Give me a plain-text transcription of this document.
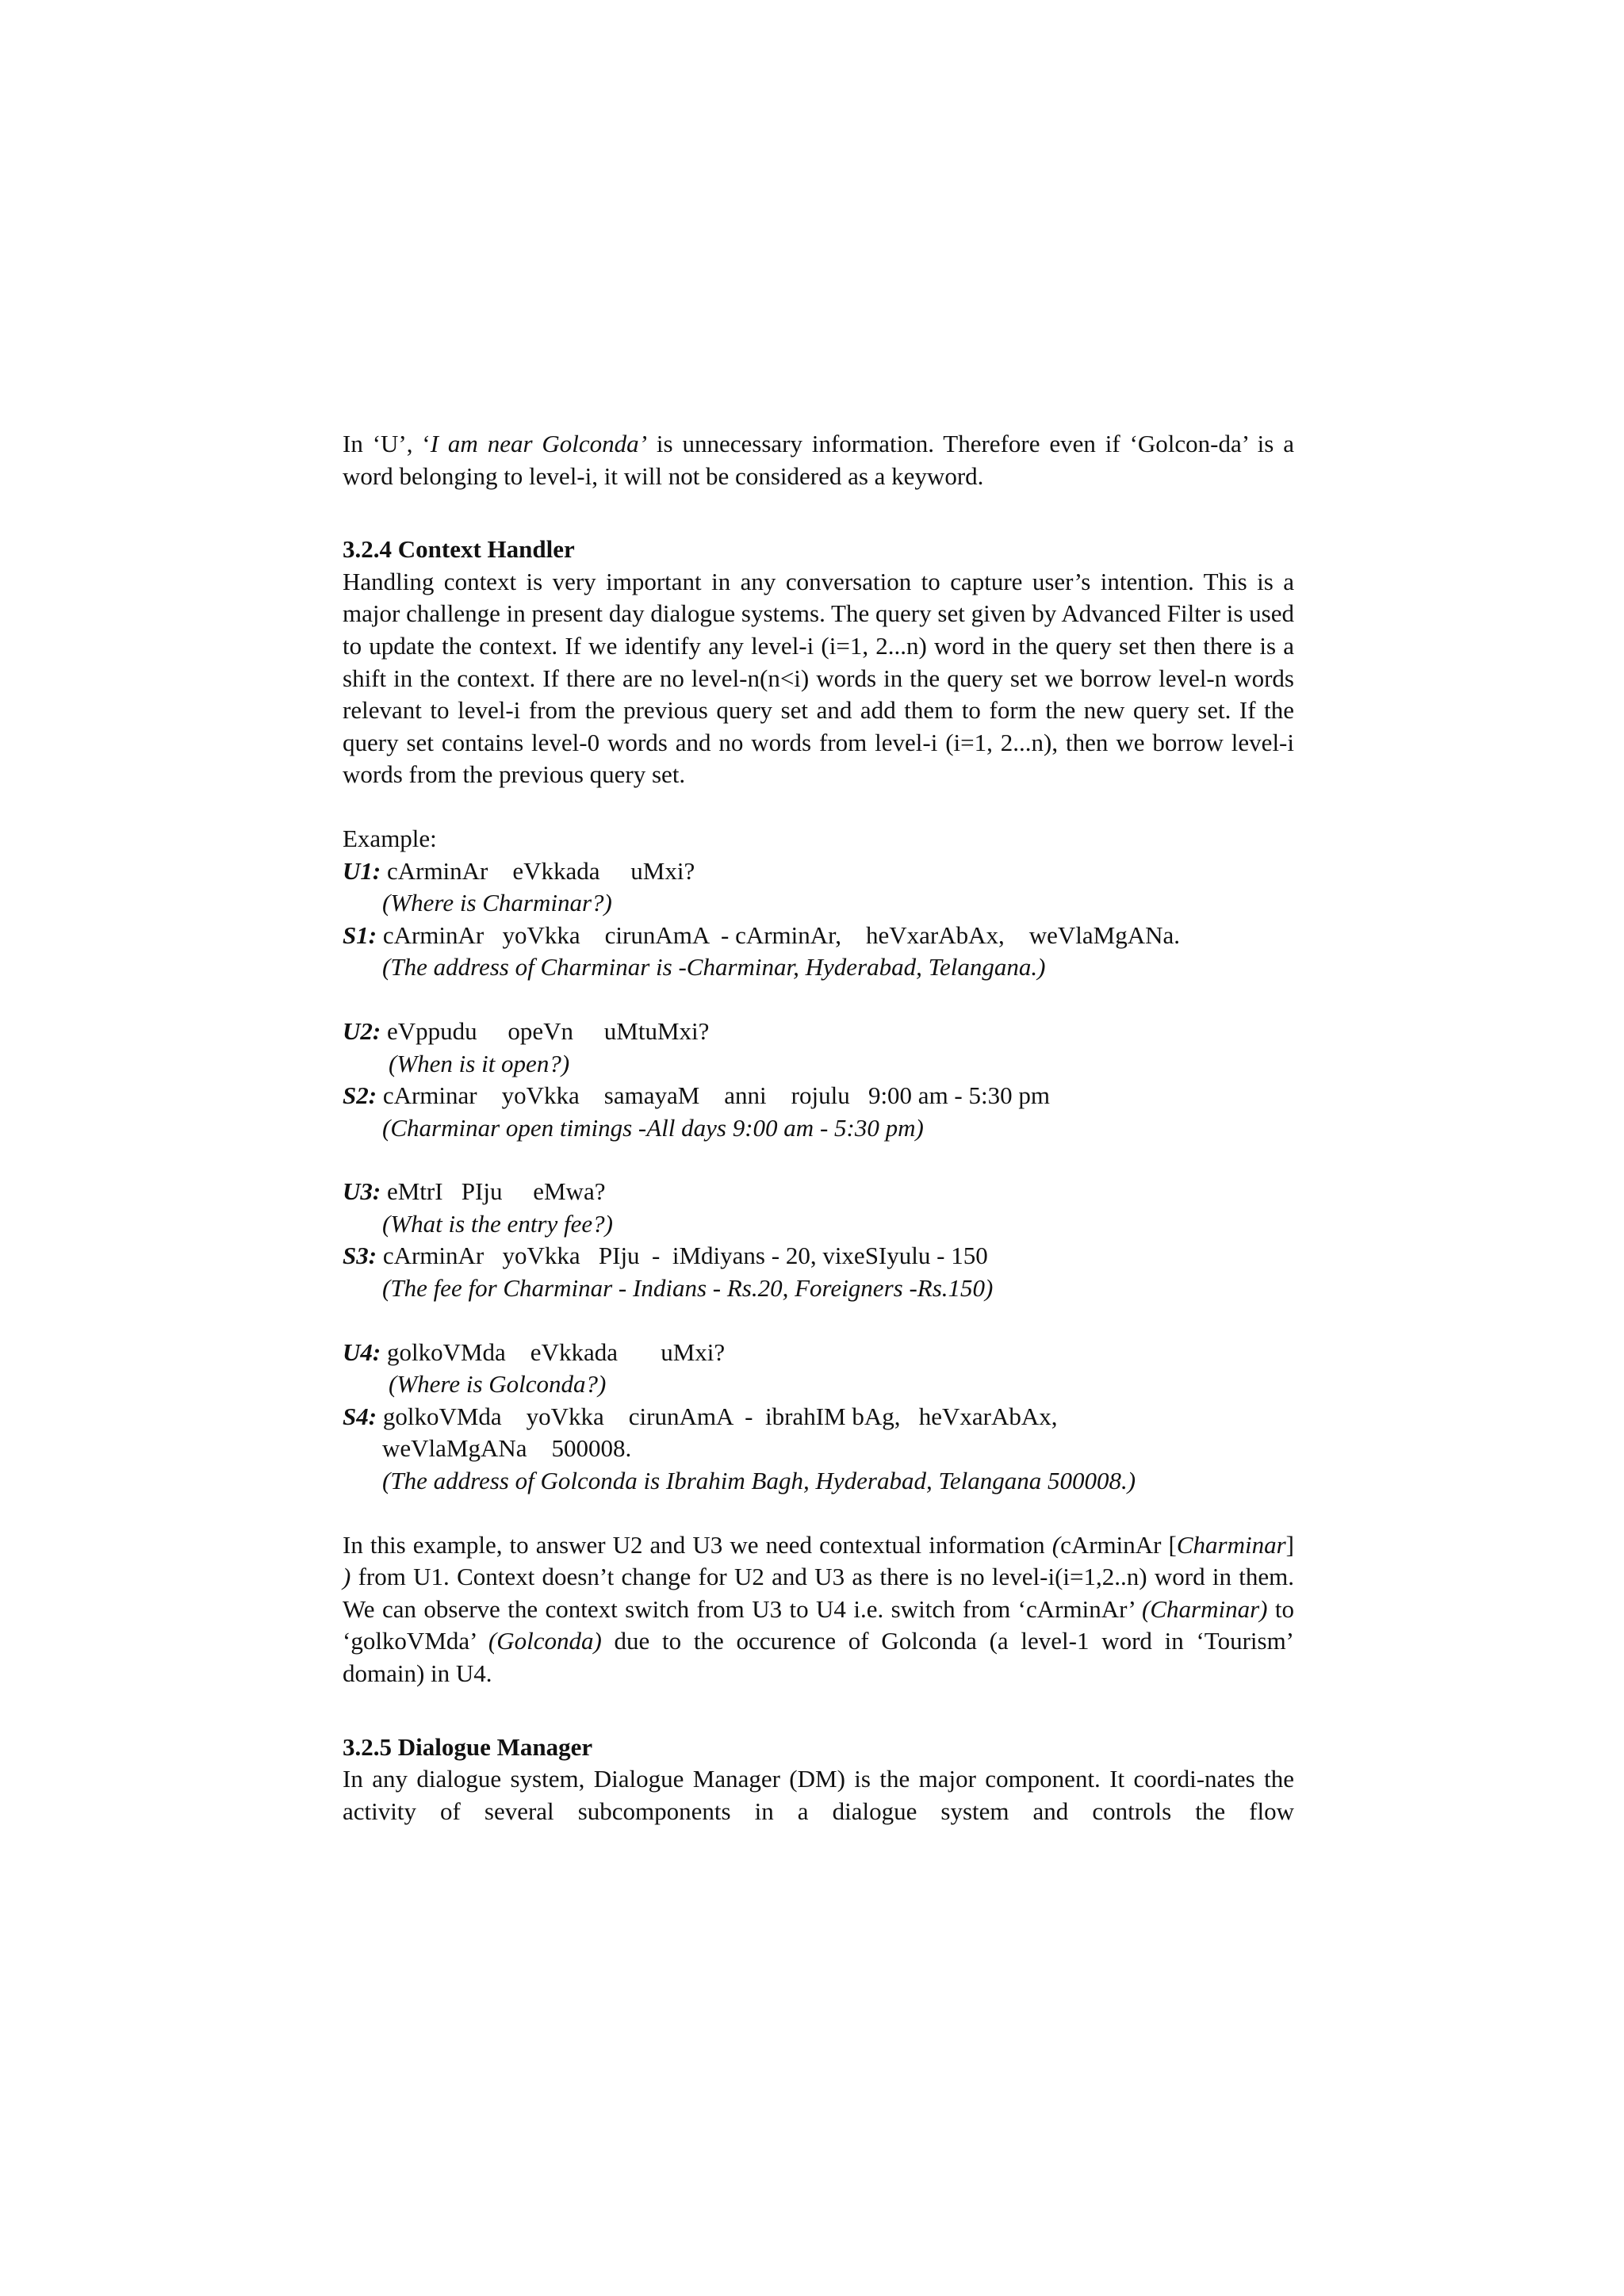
In ‘U’, ‘I am near Golconda’ is unnecessary information. Therefore even if ‘Golcon-da’ is a word belonging to level-i, it will not be considered as a keyword.

3.2.4 Context Handler

Handling context is very important in any conversation to capture user’s intention. This is a major challenge in present day dialogue systems. The query set given by Advanced Filter is used to update the context. If we identify any level-i (i=1, 2...n) word in the query set then there is a shift in the context. If there are no level-n(n<i) words in the query set we borrow level-n words relevant to level-i from the previous query set and add them to form the new query set. If the query set contains level-0 words and no words from level-i (i=1, 2...n), then we borrow level-i words from the previous query set.

Example:

U1: cArminAr    eVkkada     uMxi?

(Where is Charminar?)

S1: cArminAr   yoVkka    cirunAmA  - cArminAr,    heVxarAbAx,    weVlaMgANa.

(The address of Charminar is -Charminar, Hyderabad, Telangana.)

U2: eVppudu     opeVn     uMtuMxi?

(When is it open?)

S2: cArminar    yoVkka    samayaM    anni    rojulu   9:00 am - 5:30 pm

(Charminar open timings -All days 9:00 am - 5:30 pm)

U3: eMtrI   PIju     eMwa?

(What is the entry fee?)

S3: cArminAr   yoVkka   PIju  -  iMdiyans - 20, vixeSIyulu - 150

(The fee for Charminar - Indians - Rs.20, Foreigners -Rs.150)

U4: golkoVMda    eVkkada       uMxi?

(Where is Golconda?)

S4: golkoVMda    yoVkka    cirunAmA  -  ibrahIM bAg,   heVxarAbAx,

weVlaMgANa    500008.

(The address of Golconda is Ibrahim Bagh, Hyderabad, Telangana 500008.)

In this example, to answer U2 and U3 we need contextual information (cArminAr [Charminar] ) from U1. Context doesn’t change for U2 and U3 as there is no level-i(i=1,2..n) word in them. We can observe the context switch from U3 to U4 i.e. switch from ‘cArminAr’ (Charminar) to ‘golkoVMda’ (Golconda) due to the occurence of Golconda (a level-1 word in ‘Tourism’ domain) in U4.

3.2.5 Dialogue Manager

In any dialogue system, Dialogue Manager (DM) is the major component. It coordi-nates the activity of several subcomponents in a dialogue system and controls the flow
